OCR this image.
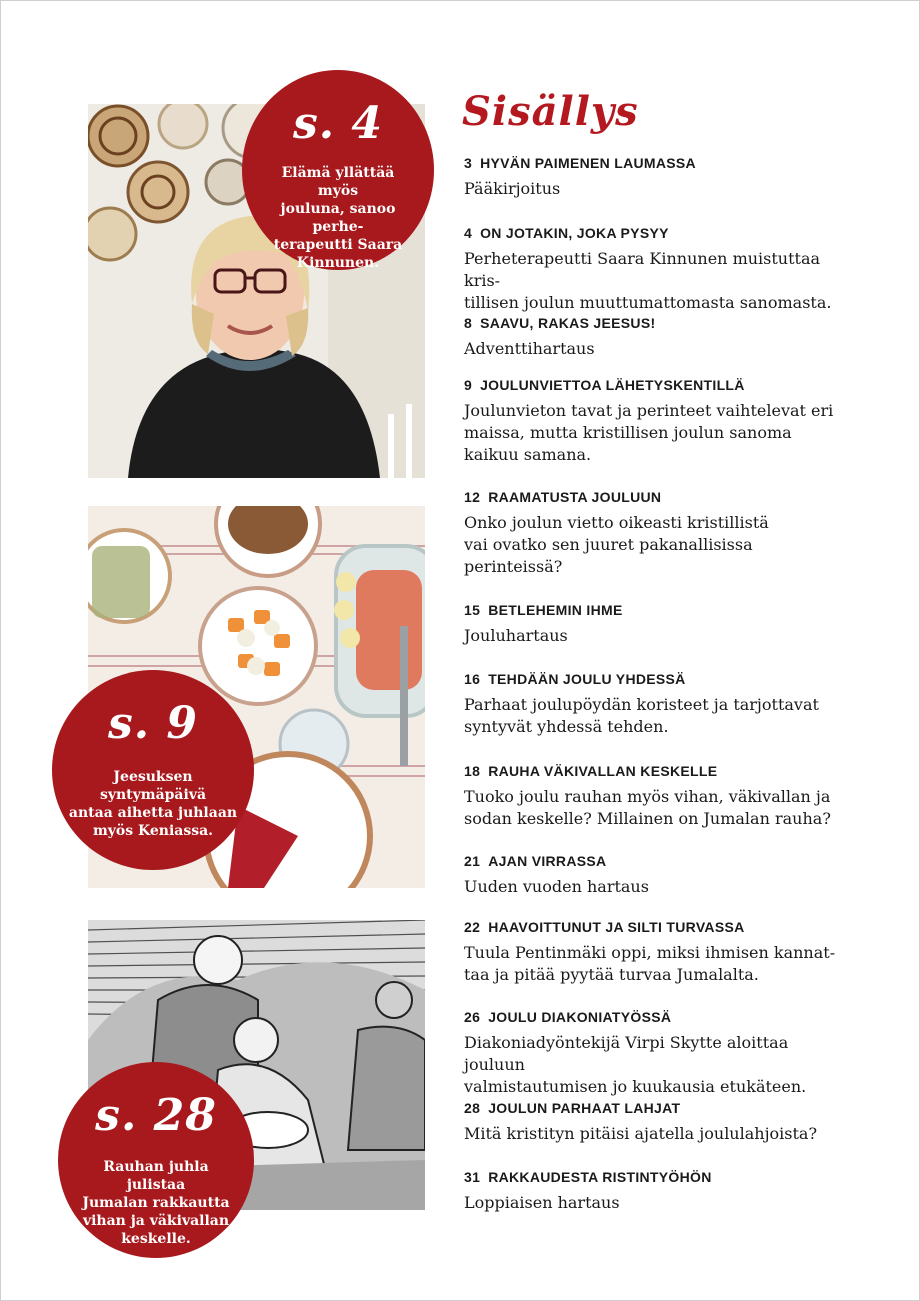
s. 4
Elämä yllättää myös
jouluna, sanoo perhe-
terapeutti Saara
Kinnunen.
s. 9
Jeesuksen syntymäpäivä
antaa aihetta juhlaan
myös Keniassa.
s. 28
Rauhan juhla julistaa
Jumalan rakkautta
vihan ja väkivallan
keskelle.
Sisällys
3 HYVÄN PAIMENEN LAUMASSA
Pääkirjoitus
4 ON JOTAKIN, JOKA PYSYY
Perheterapeutti Saara Kinnunen muistuttaa kris-
tillisen joulun muuttumattomasta sanomasta.
8 SAAVU, RAKAS JEESUS!
Adventtihartaus
9 JOULUNVIETTOA LÄHETYSKENTILLÄ
Joulunvieton tavat ja perinteet vaihtelevat eri
maissa, mutta kristillisen joulun sanoma
kaikuu samana.
12 RAAMATUSTA JOULUUN
Onko joulun vietto oikeasti kristillistä
vai ovatko sen juuret pakanallisissa
perinteissä?
15 BETLEHEMIN IHME
Jouluhartaus
16 TEHDÄÄN JOULU YHDESSÄ
Parhaat joulupöydän koristeet ja tarjottavat
syntyvät yhdessä tehden.
18 RAUHA VÄKIVALLAN KESKELLE
Tuoko joulu rauhan myös vihan, väkivallan ja
sodan keskelle? Millainen on Jumalan rauha?
21 AJAN VIRRASSA
Uuden vuoden hartaus
22 HAAVOITTUNUT JA SILTI TURVASSA
Tuula Pentinmäki oppi, miksi ihmisen kannat-
taa ja pitää pyytää turvaa Jumalalta.
26 JOULU DIAKONIATYÖSSÄ
Diakoniadyöntekijä Virpi Skytte aloittaa jouluun
valmistautumisen jo kuukausia etukäteen.
28 JOULUN PARHAAT LAHJAT
Mitä kristityn pitäisi ajatella joululahjoista?
31 RAKKAUDESTA RISTINTYÖHÖN
Loppiaisen hartaus
